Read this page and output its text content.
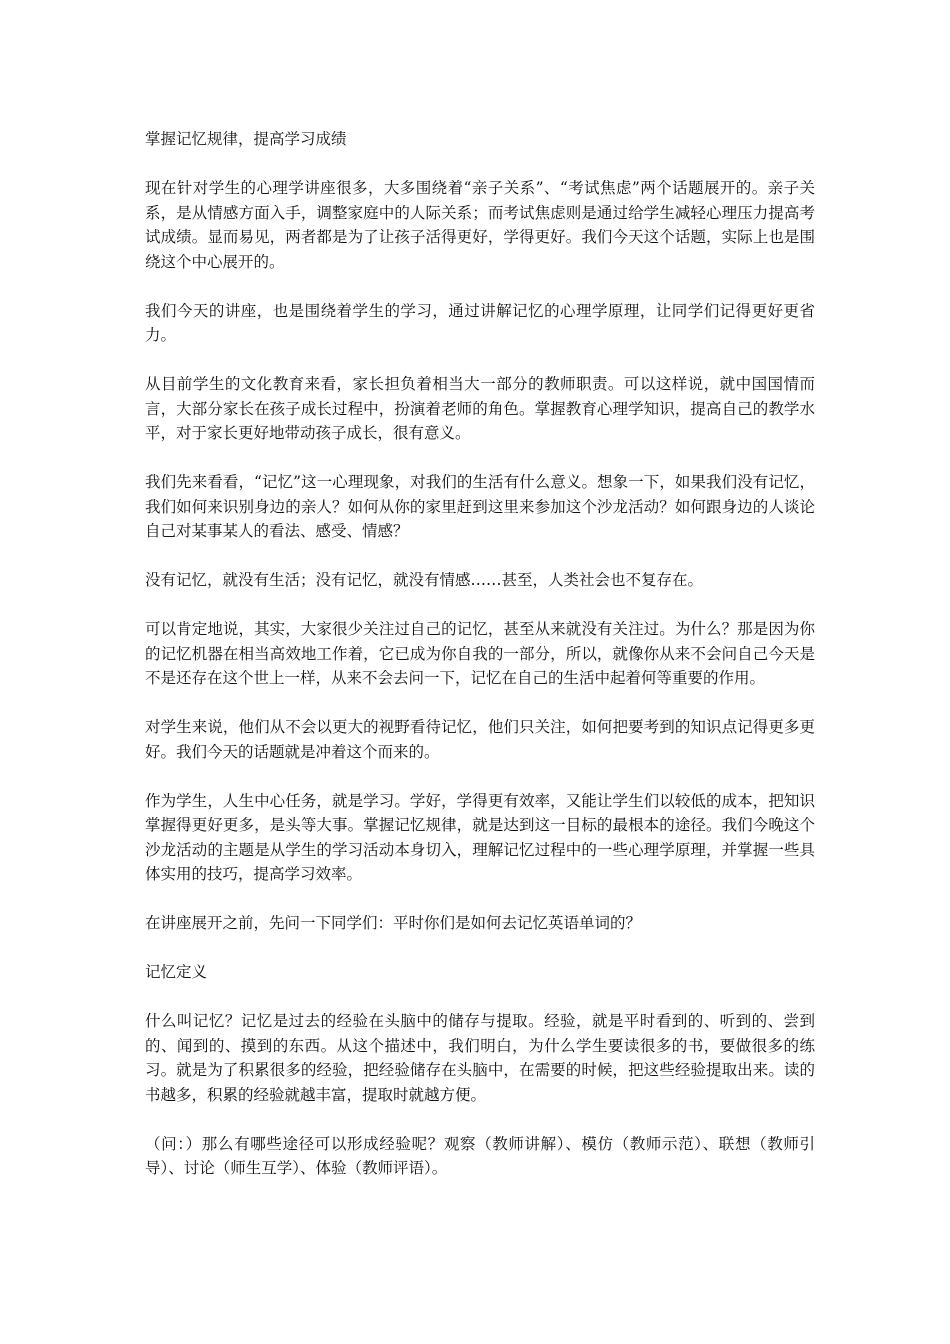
掌握记忆规律，提高学习成绩

现在针对学生的心理学讲座很多，大多围绕着“亲子关系”、“考试焦虑”两个话题展开的。亲子关系，是从情感方面入手，调整家庭中的人际关系；而考试焦虑则是通过给学生减轻心理压力提高考试成绩。显而易见，两者都是为了让孩子活得更好，学得更好。我们今天这个话题，实际上也是围绕这个中心展开的。

我们今天的讲座，也是围绕着学生的学习，通过讲解记忆的心理学原理，让同学们记得更好更省力。

从目前学生的文化教育来看，家长担负着相当大一部分的教师职责。可以这样说，就中国国情而言，大部分家长在孩子成长过程中，扮演着老师的角色。掌握教育心理学知识，提高自己的教学水平，对于家长更好地带动孩子成长，很有意义。

我们先来看看，“记忆”这一心理现象，对我们的生活有什么意义。想象一下，如果我们没有记忆，我们如何来识别身边的亲人？如何从你的家里赶到这里来参加这个沙龙活动？如何跟身边的人谈论自己对某事某人的看法、感受、情感？

没有记忆，就没有生活；没有记忆，就没有情感……甚至，人类社会也不复存在。

可以肯定地说，其实，大家很少关注过自己的记忆，甚至从来就没有关注过。为什么？那是因为你的记忆机器在相当高效地工作着，它已成为你自我的一部分，所以，就像你从来不会问自己今天是不是还存在这个世上一样，从来不会去问一下，记忆在自己的生活中起着何等重要的作用。

对学生来说，他们从不会以更大的视野看待记忆，他们只关注，如何把要考到的知识点记得更多更好。我们今天的话题就是冲着这个而来的。

作为学生，人生中心任务，就是学习。学好，学得更有效率，又能让学生们以较低的成本，把知识掌握得更好更多，是头等大事。掌握记忆规律，就是达到这一目标的最根本的途径。我们今晚这个沙龙活动的主题是从学生的学习活动本身切入，理解记忆过程中的一些心理学原理，并掌握一些具体实用的技巧，提高学习效率。

在讲座展开之前，先问一下同学们：平时你们是如何去记忆英语单词的？

记忆定义

什么叫记忆？记忆是过去的经验在头脑中的储存与提取。经验，就是平时看到的、听到的、尝到的、闻到的、摸到的东西。从这个描述中，我们明白，为什么学生要读很多的书，要做很多的练习。就是为了积累很多的经验，把经验储存在头脑中，在需要的时候，把这些经验提取出来。读的书越多，积累的经验就越丰富，提取时就越方便。

（问：）那么有哪些途径可以形成经验呢？观察（教师讲解）、模仿（教师示范）、联想（教师引导）、讨论（师生互学）、体验（教师评语）。
